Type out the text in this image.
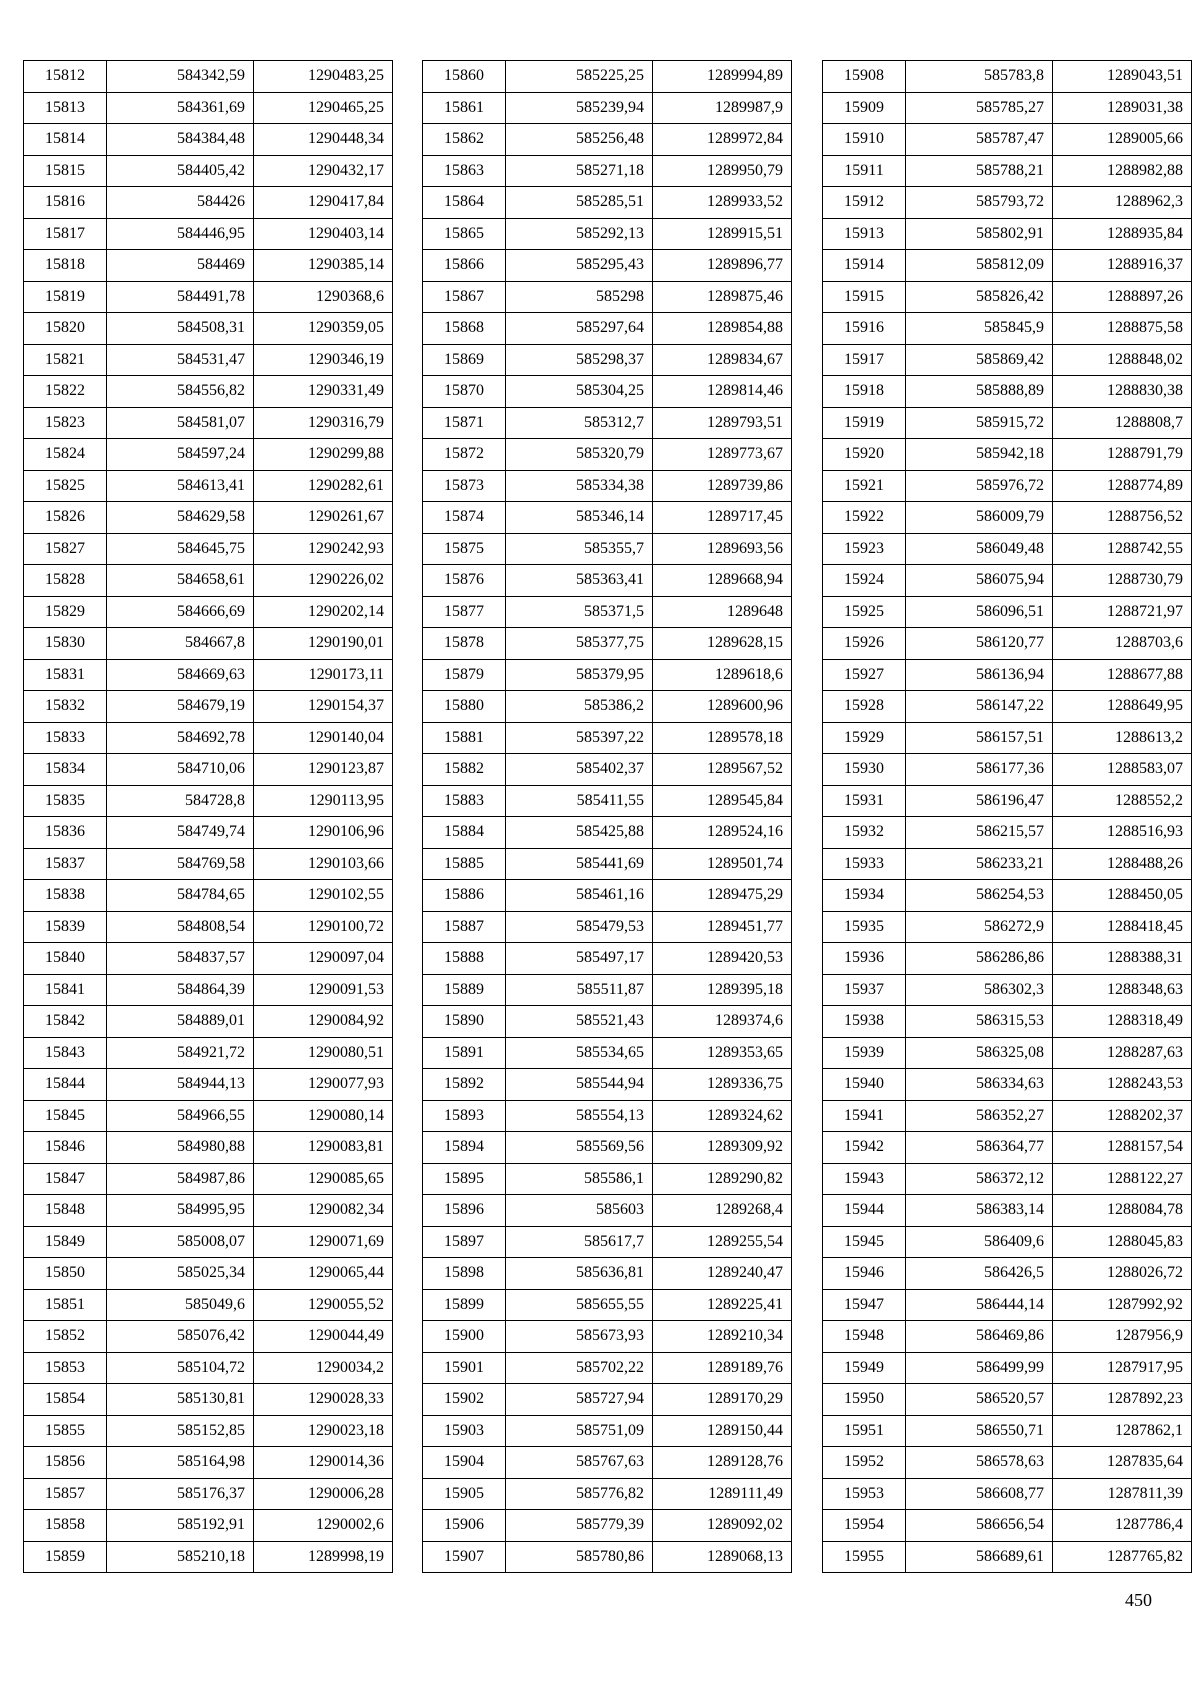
15812	584342,59	1290483,25
15813	584361,69	1290465,25
15814	584384,48	1290448,34
15815	584405,42	1290432,17
15816	584426	1290417,84
15817	584446,95	1290403,14
15818	584469	1290385,14
15819	584491,78	1290368,6
15820	584508,31	1290359,05
15821	584531,47	1290346,19
15822	584556,82	1290331,49
15823	584581,07	1290316,79
15824	584597,24	1290299,88
15825	584613,41	1290282,61
15826	584629,58	1290261,67
15827	584645,75	1290242,93
15828	584658,61	1290226,02
15829	584666,69	1290202,14
15830	584667,8	1290190,01
15831	584669,63	1290173,11
15832	584679,19	1290154,37
15833	584692,78	1290140,04
15834	584710,06	1290123,87
15835	584728,8	1290113,95
15836	584749,74	1290106,96
15837	584769,58	1290103,66
15838	584784,65	1290102,55
15839	584808,54	1290100,72
15840	584837,57	1290097,04
15841	584864,39	1290091,53
15842	584889,01	1290084,92
15843	584921,72	1290080,51
15844	584944,13	1290077,93
15845	584966,55	1290080,14
15846	584980,88	1290083,81
15847	584987,86	1290085,65
15848	584995,95	1290082,34
15849	585008,07	1290071,69
15850	585025,34	1290065,44
15851	585049,6	1290055,52
15852	585076,42	1290044,49
15853	585104,72	1290034,2
15854	585130,81	1290028,33
15855	585152,85	1290023,18
15856	585164,98	1290014,36
15857	585176,37	1290006,28
15858	585192,91	1290002,6
15859	585210,18	1289998,19
15860	585225,25	1289994,89
15861	585239,94	1289987,9
15862	585256,48	1289972,84
15863	585271,18	1289950,79
15864	585285,51	1289933,52
15865	585292,13	1289915,51
15866	585295,43	1289896,77
15867	585298	1289875,46
15868	585297,64	1289854,88
15869	585298,37	1289834,67
15870	585304,25	1289814,46
15871	585312,7	1289793,51
15872	585320,79	1289773,67
15873	585334,38	1289739,86
15874	585346,14	1289717,45
15875	585355,7	1289693,56
15876	585363,41	1289668,94
15877	585371,5	1289648
15878	585377,75	1289628,15
15879	585379,95	1289618,6
15880	585386,2	1289600,96
15881	585397,22	1289578,18
15882	585402,37	1289567,52
15883	585411,55	1289545,84
15884	585425,88	1289524,16
15885	585441,69	1289501,74
15886	585461,16	1289475,29
15887	585479,53	1289451,77
15888	585497,17	1289420,53
15889	585511,87	1289395,18
15890	585521,43	1289374,6
15891	585534,65	1289353,65
15892	585544,94	1289336,75
15893	585554,13	1289324,62
15894	585569,56	1289309,92
15895	585586,1	1289290,82
15896	585603	1289268,4
15897	585617,7	1289255,54
15898	585636,81	1289240,47
15899	585655,55	1289225,41
15900	585673,93	1289210,34
15901	585702,22	1289189,76
15902	585727,94	1289170,29
15903	585751,09	1289150,44
15904	585767,63	1289128,76
15905	585776,82	1289111,49
15906	585779,39	1289092,02
15907	585780,86	1289068,13
15908	585783,8	1289043,51
15909	585785,27	1289031,38
15910	585787,47	1289005,66
15911	585788,21	1288982,88
15912	585793,72	1288962,3
15913	585802,91	1288935,84
15914	585812,09	1288916,37
15915	585826,42	1288897,26
15916	585845,9	1288875,58
15917	585869,42	1288848,02
15918	585888,89	1288830,38
15919	585915,72	1288808,7
15920	585942,18	1288791,79
15921	585976,72	1288774,89
15922	586009,79	1288756,52
15923	586049,48	1288742,55
15924	586075,94	1288730,79
15925	586096,51	1288721,97
15926	586120,77	1288703,6
15927	586136,94	1288677,88
15928	586147,22	1288649,95
15929	586157,51	1288613,2
15930	586177,36	1288583,07
15931	586196,47	1288552,2
15932	586215,57	1288516,93
15933	586233,21	1288488,26
15934	586254,53	1288450,05
15935	586272,9	1288418,45
15936	586286,86	1288388,31
15937	586302,3	1288348,63
15938	586315,53	1288318,49
15939	586325,08	1288287,63
15940	586334,63	1288243,53
15941	586352,27	1288202,37
15942	586364,77	1288157,54
15943	586372,12	1288122,27
15944	586383,14	1288084,78
15945	586409,6	1288045,83
15946	586426,5	1288026,72
15947	586444,14	1287992,92
15948	586469,86	1287956,9
15949	586499,99	1287917,95
15950	586520,57	1287892,23
15951	586550,71	1287862,1
15952	586578,63	1287835,64
15953	586608,77	1287811,39
15954	586656,54	1287786,4
15955	586689,61	1287765,82
450
